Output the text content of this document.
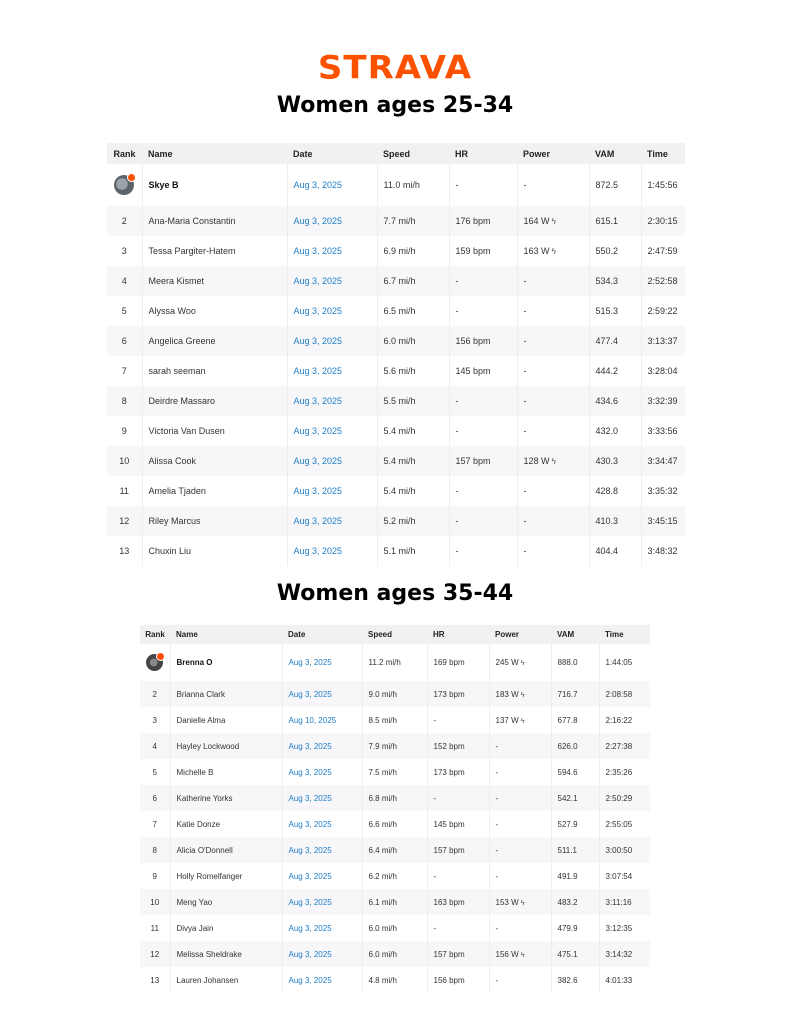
STRAVA
Women ages 25-34
Rank	Name	Date	Speed	HR	Power	VAM	Time
	Skye B	Aug 3, 2025	11.0 mi/h	-	-	872.5	1:45:56
2	Ana-Maria Constantin	Aug 3, 2025	7.7 mi/h	176 bpm	164 W ϟ	615.1	2:30:15
3	Tessa Pargiter-Hatem	Aug 3, 2025	6.9 mi/h	159 bpm	163 W ϟ	550.2	2:47:59
4	Meera Kismet	Aug 3, 2025	6.7 mi/h	-	-	534.3	2:52:58
5	Alyssa Woo	Aug 3, 2025	6.5 mi/h	-	-	515.3	2:59:22
6	Angelica Greene	Aug 3, 2025	6.0 mi/h	156 bpm	-	477.4	3:13:37
7	sarah seeman	Aug 3, 2025	5.6 mi/h	145 bpm	-	444.2	3:28:04
8	Deirdre Massaro	Aug 3, 2025	5.5 mi/h	-	-	434.6	3:32:39
9	Victoria Van Dusen	Aug 3, 2025	5.4 mi/h	-	-	432.0	3:33:56
10	Alissa Cook	Aug 3, 2025	5.4 mi/h	157 bpm	128 W ϟ	430.3	3:34:47
11	Amelia Tjaden	Aug 3, 2025	5.4 mi/h	-	-	428.8	3:35:32
12	Riley Marcus	Aug 3, 2025	5.2 mi/h	-	-	410.3	3:45:15
13	Chuxin Liu	Aug 3, 2025	5.1 mi/h	-	-	404.4	3:48:32
Women ages 35-44
Rank	Name	Date	Speed	HR	Power	VAM	Time
	Brenna O	Aug 3, 2025	11.2 mi/h	169 bpm	245 W ϟ	888.0	1:44:05
2	Brianna Clark	Aug 3, 2025	9.0 mi/h	173 bpm	183 W ϟ	716.7	2:08:58
3	Danielle Alma	Aug 10, 2025	8.5 mi/h	-	137 W ϟ	677.8	2:16:22
4	Hayley Lockwood	Aug 3, 2025	7.9 mi/h	152 bpm	-	626.0	2:27:38
5	Michelle B	Aug 3, 2025	7.5 mi/h	173 bpm	-	594.6	2:35:26
6	Katherine Yorks	Aug 3, 2025	6.8 mi/h	-	-	542.1	2:50:29
7	Katie Donze	Aug 3, 2025	6.6 mi/h	145 bpm	-	527.9	2:55:05
8	Alicia O'Donnell	Aug 3, 2025	6.4 mi/h	157 bpm	-	511.1	3:00:50
9	Holly Romelfanger	Aug 3, 2025	6.2 mi/h	-	-	491.9	3:07:54
10	Meng Yao	Aug 3, 2025	6.1 mi/h	163 bpm	153 W ϟ	483.2	3:11:16
11	Divya Jain	Aug 3, 2025	6.0 mi/h	-	-	479.9	3:12:35
12	Melissa Sheldrake	Aug 3, 2025	6.0 mi/h	157 bpm	156 W ϟ	475.1	3:14:32
13	Lauren Johansen	Aug 3, 2025	4.8 mi/h	156 bpm	-	382.6	4:01:33
